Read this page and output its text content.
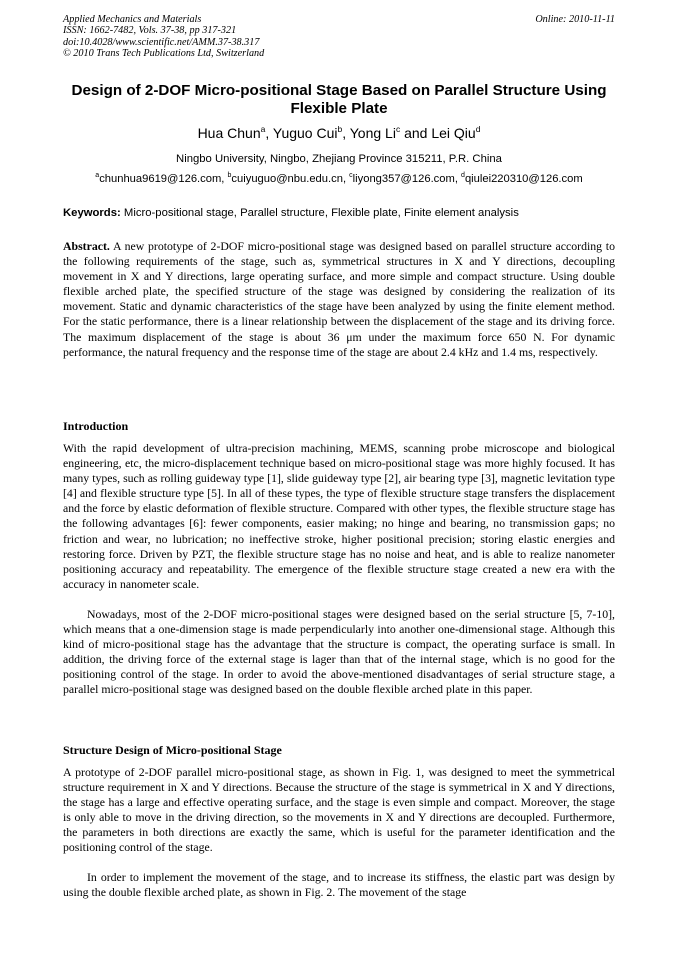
Applied Mechanics and Materials
ISSN: 1662-7482, Vols. 37-38, pp 317-321
doi:10.4028/www.scientific.net/AMM.37-38.317
© 2010 Trans Tech Publications Ltd, Switzerland
Online: 2010-11-11
Design of 2-DOF Micro-positional Stage Based on Parallel Structure Using Flexible Plate
Hua Chun$^a$, Yuguo Cui$^b$, Yong Li$^c$ and Lei Qiu$^d$
Ningbo University, Ningbo, Zhejiang Province 315211, P.R. China
$^a$chunhua9619@126.com, $^b$cuiyuguo@nbu.edu.cn, $^c$liyong357@126.com, $^d$qiulei220310@126.com
Keywords: Micro-positional stage, Parallel structure, Flexible plate, Finite element analysis
Abstract. A new prototype of 2-DOF micro-positional stage was designed based on parallel structure according to the following requirements of the stage, such as, symmetrical structures in X and Y directions, decoupling movement in X and Y directions, large operating surface, and more simple and compact structure. Using double flexible arched plate, the specified structure of the stage was designed by considering the realization of its movement. Static and dynamic characteristics of the stage have been analyzed by using the finite element method. For the static performance, there is a linear relationship between the displacement of the stage and its driving force. The maximum displacement of the stage is about 36 μm under the maximum force 650 N. For dynamic performance, the natural frequency and the response time of the stage are about 2.4 kHz and 1.4 ms, respectively.
Introduction
With the rapid development of ultra-precision machining, MEMS, scanning probe microscope and biological engineering, etc, the micro-displacement technique based on micro-positional stage was more highly focused. It has many types, such as rolling guideway type [1], slide guideway type [2], air bearing type [3], magnetic levitation type [4] and flexible structure type [5]. In all of these types, the type of flexible structure stage transfers the displacement and the force by elastic deformation of flexible structure. Compared with other types, the flexible structure stage has the following advantages [6]: fewer components, easier making; no hinge and bearing, no transmission gaps; no friction and wear, no lubrication; no ineffective stroke, higher positional precision; storing elastic energies and restoring force. Driven by PZT, the flexible structure stage has no noise and heat, and is able to realize nanometer positioning accuracy and repeatability. The emergence of the flexible structure stage created a new era with the accuracy in nanometer scale.
Nowadays, most of the 2-DOF micro-positional stages were designed based on the serial structure [5, 7-10], which means that a one-dimension stage is made perpendicularly into another one-dimensional stage. Although this kind of micro-positional stage has the advantage that the structure is compact, the operating surface is small. In addition, the driving force of the external stage is lager than that of the internal stage, which is no good for the positioning control of the stage. In order to avoid the above-mentioned disadvantages of serial structure stage, a parallel micro-positional stage was designed based on the double flexible arched plate in this paper.
Structure Design of Micro-positional Stage
A prototype of 2-DOF parallel micro-positional stage, as shown in Fig. 1, was designed to meet the symmetrical structure requirement in X and Y directions. Because the structure of the stage is symmetrical in X and Y directions, the stage has a large and effective operating surface, and the stage is even simple and compact. Moreover, the stage is only able to move in the driving direction, so the movements in X and Y directions are decoupled. Furthermore, the parameters in both directions are exactly the same, which is useful for the parameter identification and the positioning control of the stage.
In order to implement the movement of the stage, and to increase its stiffness, the elastic part was design by using the double flexible arched plate, as shown in Fig. 2. The movement of the stage
